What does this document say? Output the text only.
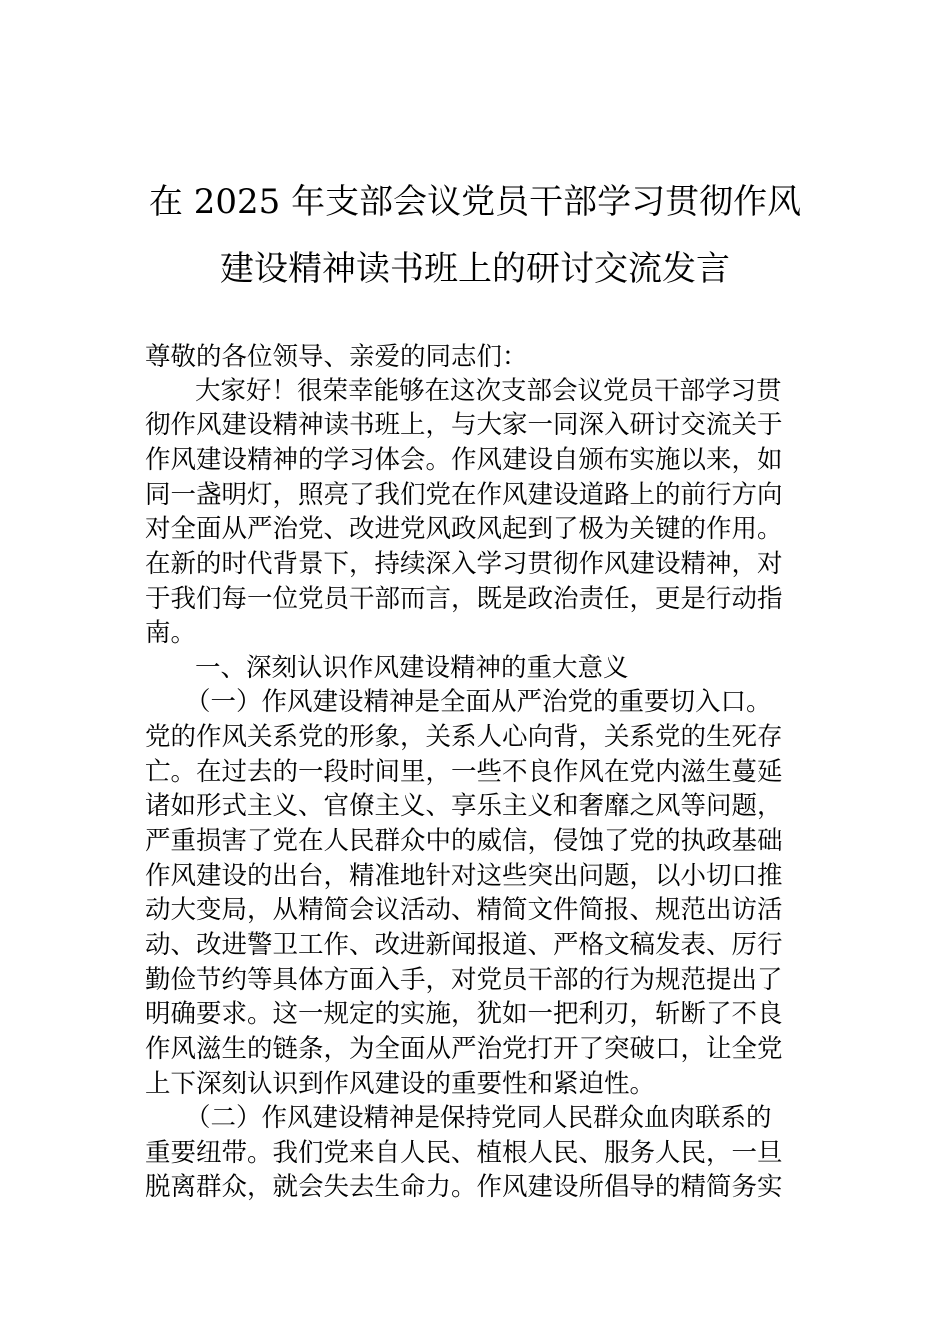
在 2025 年支部会议党员干部学习贯彻作风
建设精神读书班上的研讨交流发言
尊敬的各位领导、亲爱的同志们：
大家好！很荣幸能够在这次支部会议党员干部学习贯
彻作风建设精神读书班上，与大家一同深入研讨交流关于
作风建设精神的学习体会。作风建设自颁布实施以来，如
同一盏明灯，照亮了我们党在作风建设道路上的前行方向
对全面从严治党、改进党风政风起到了极为关键的作用。
在新的时代背景下，持续深入学习贯彻作风建设精神，对
于我们每一位党员干部而言，既是政治责任，更是行动指
南。
一、深刻认识作风建设精神的重大意义
（一）作风建设精神是全面从严治党的重要切入口。
党的作风关系党的形象，关系人心向背，关系党的生死存
亡。在过去的一段时间里，一些不良作风在党内滋生蔓延
诸如形式主义、官僚主义、享乐主义和奢靡之风等问题，
严重损害了党在人民群众中的威信，侵蚀了党的执政基础
作风建设的出台，精准地针对这些突出问题，以小切口推
动大变局，从精简会议活动、精简文件简报、规范出访活
动、改进警卫工作、改进新闻报道、严格文稿发表、厉行
勤俭节约等具体方面入手，对党员干部的行为规范提出了
明确要求。这一规定的实施，犹如一把利刃，斩断了不良
作风滋生的链条，为全面从严治党打开了突破口，让全党
上下深刻认识到作风建设的重要性和紧迫性。
（二）作风建设精神是保持党同人民群众血肉联系的
重要纽带。我们党来自人民、植根人民、服务人民，一旦
脱离群众，就会失去生命力。作风建设所倡导的精简务实
